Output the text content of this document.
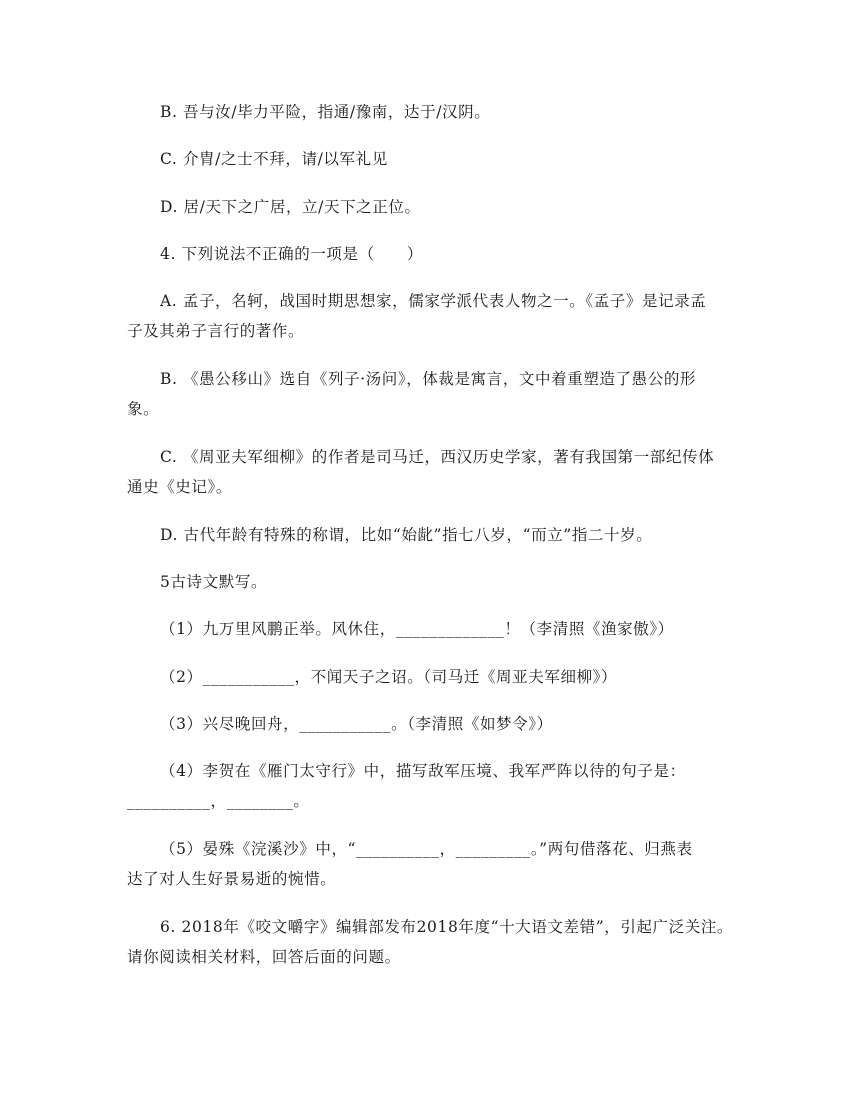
B. 吾与汝/毕力平险，指通/豫南，达于/汉阴。
C. 介胄/之士不拜，请/以军礼见
D. 居/天下之广居，立/天下之正位。
4. 下列说法不正确的一项是（　　）
A. 孟子，名轲，战国时期思想家，儒家学派代表人物之一。《孟子》是记录孟
子及其弟子言行的著作。
B. 《愚公移山》选自《列子·汤问》，体裁是寓言，文中着重塑造了愚公的形
象。
C. 《周亚夫军细柳》的作者是司马迁，西汉历史学家，著有我国第一部纪传体
通史《史记》。
D. 古代年龄有特殊的称谓，比如“始龀”指七八岁，“而立”指二十岁。
5古诗文默写。
（1）九万里风鹏正举。风休住，_____________！（李清照《渔家傲》）
（2）___________，不闻天子之诏。（司马迁《周亚夫军细柳》）
（3）兴尽晚回舟，___________。（李清照《如梦令》）
（4）李贺在《雁门太守行》中，描写敌军压境、我军严阵以待的句子是：
__________，________。
（5）晏殊《浣溪沙》中，“__________，_________。”两句借落花、归燕表
达了对人生好景易逝的惋惜。
6. 2018年《咬文嚼字》编辑部发布2018年度“十大语文差错”，引起广泛关注。
请你阅读相关材料，回答后面的问题。
